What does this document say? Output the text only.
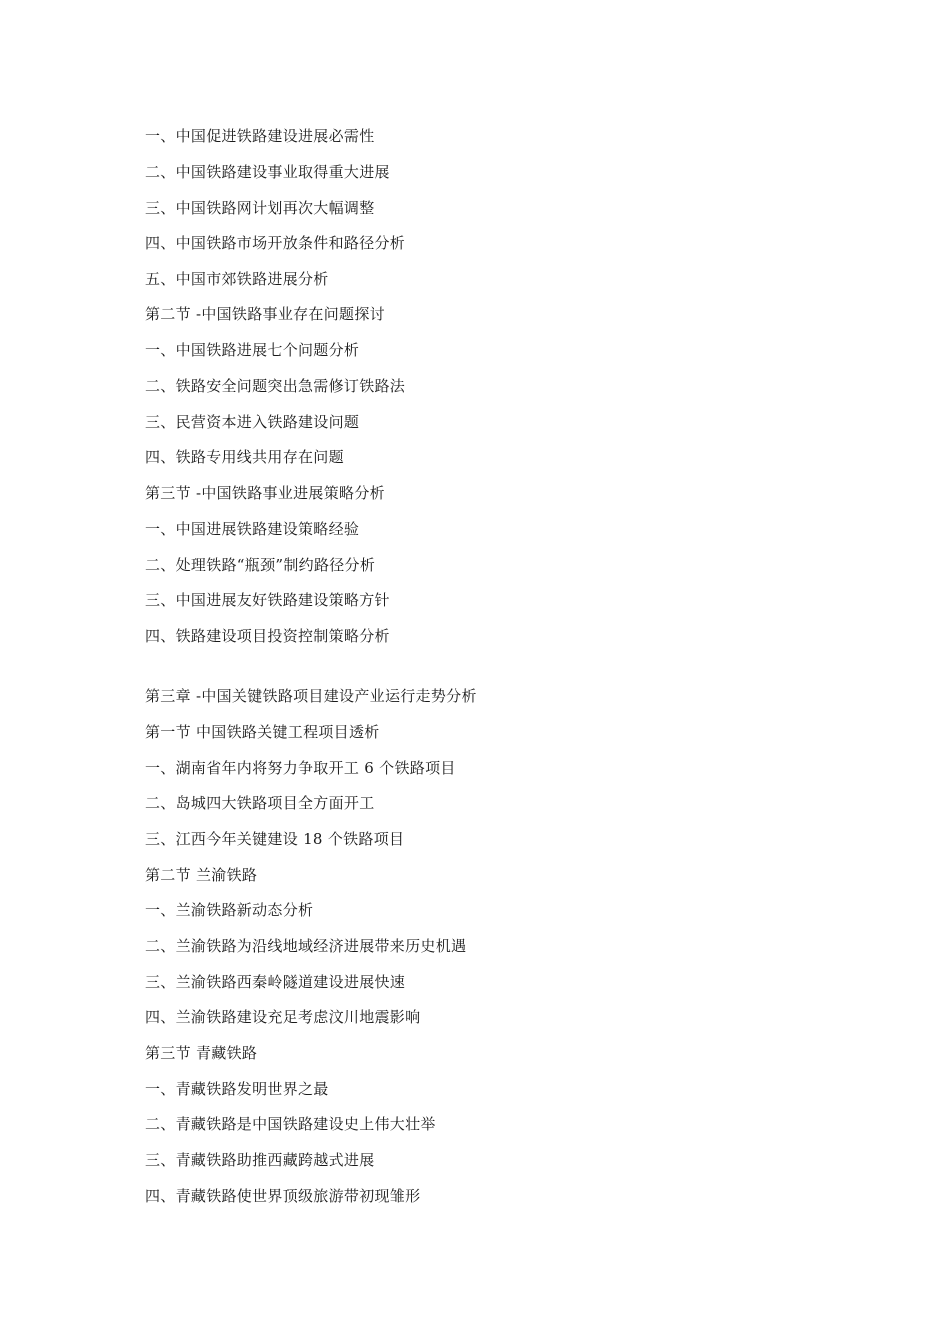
一、中国促进铁路建设进展必需性
二、中国铁路建设事业取得重大进展
三、中国铁路网计划再次大幅调整
四、中国铁路市场开放条件和路径分析
五、中国市郊铁路进展分析
第二节 -中国铁路事业存在问题探讨
一、中国铁路进展七个问题分析
二、铁路安全问题突出急需修订铁路法
三、民营资本进入铁路建设问题
四、铁路专用线共用存在问题
第三节 -中国铁路事业进展策略分析
一、中国进展铁路建设策略经验
二、处理铁路“瓶颈”制约路径分析
三、中国进展友好铁路建设策略方针
四、铁路建设项目投资控制策略分析
第三章 -中国关键铁路项目建设产业运行走势分析
第一节 中国铁路关键工程项目透析
一、湖南省年内将努力争取开工 6 个铁路项目
二、岛城四大铁路项目全方面开工
三、江西今年关键建设 18 个铁路项目
第二节 兰渝铁路
一、兰渝铁路新动态分析
二、兰渝铁路为沿线地域经济进展带来历史机遇
三、兰渝铁路西秦岭隧道建设进展快速
四、兰渝铁路建设充足考虑汶川地震影响
第三节 青藏铁路
一、青藏铁路发明世界之最
二、青藏铁路是中国铁路建设史上伟大壮举
三、青藏铁路助推西藏跨越式进展
四、青藏铁路使世界顶级旅游带初现雏形
